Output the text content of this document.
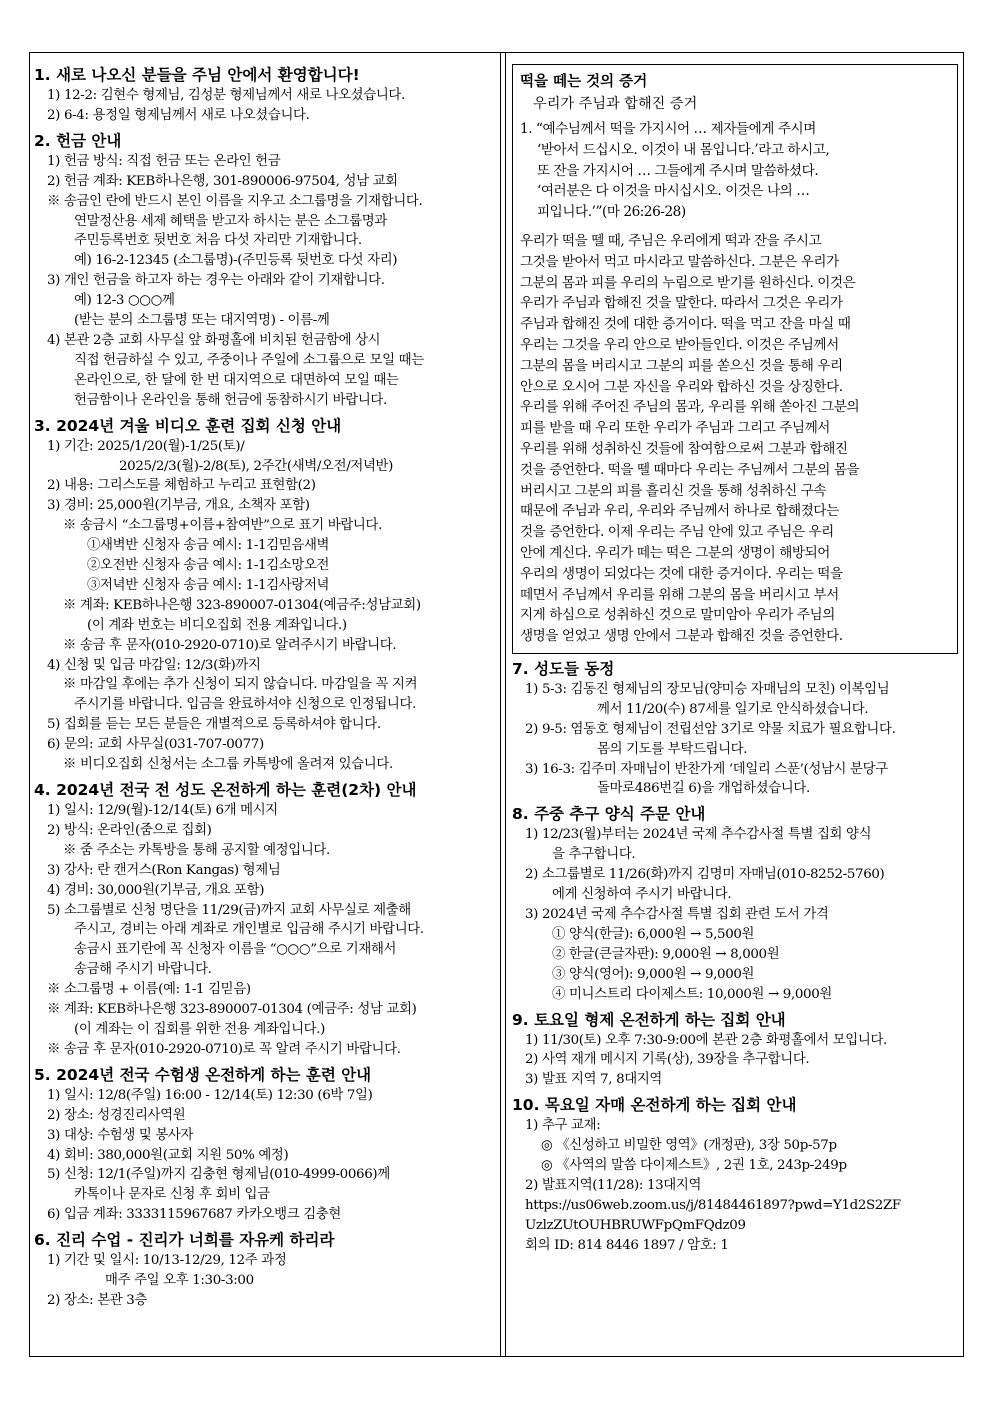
1. 새로 나오신 분들을 주님 안에서 환영합니다!
1) 12-2: 김현수 형제님, 김성분 형제님께서 새로 나오셨습니다.
2) 6-4: 용정일 형제님께서 새로 나오셨습니다.
2. 헌금 안내
1) 헌금 방식: 직접 헌금 또는 온라인 헌금
2) 헌금 계좌: KEB하나은행, 301-890006-97504, 성남 교회
※ 송금인 란에 반드시 본인 이름을 지우고 소그룹명을 기재합니다.
연말정산용 세제 혜택을 받고자 하시는 분은 소그룹명과
주민등록번호 뒷번호 처음 다섯 자리만 기재합니다.
예) 16-2-12345 (소그룹명)-(주민등록 뒷번호 다섯 자리)
3) 개인 헌금을 하고자 하는 경우는 아래와 같이 기재합니다.
예) 12-3 ○○○께
(받는 분의 소그룹명 또는 대지역명) - 이름-께
4) 본관 2층 교회 사무실 앞 화평홀에 비치된 헌금함에 상시
직접 헌금하실 수 있고, 주중이나 주일에 소그룹으로 모일 때는
온라인으로, 한 달에 한 번 대지역으로 대면하여 모일 때는
헌금함이나 온라인을 통해 헌금에 동참하시기 바랍니다.
3. 2024년 겨울 비디오 훈련 집회 신청 안내
1) 기간: 2025/1/20(월)-1/25(토)/
2025/2/3(월)-2/8(토), 2주간(새벽/오전/저녁반)
2) 내용: 그리스도를 체험하고 누리고 표현함(2)
3) 경비: 25,000원(기부금, 개요, 소책자 포함)
※ 송금시 “소그룹명+이름+참여반”으로 표기 바랍니다.
①새벽반 신청자 송금 예시: 1-1김믿음새벽
②오전반 신청자 송금 예시: 1-1김소망오전
③저녁반 신청자 송금 예시: 1-1김사랑저녁
※ 계좌: KEB하나은행 323-890007-01304(예금주:성남교회)
(이 계좌 번호는 비디오집회 전용 계좌입니다.)
※ 송금 후 문자(010-2920-0710)로 알려주시기 바랍니다.
4) 신청 및 입금 마감일: 12/3(화)까지
※ 마감일 후에는 추가 신청이 되지 않습니다. 마감일을 꼭 지켜
주시기를 바랍니다. 입금을 완료하셔야 신청으로 인정됩니다.
5) 집회를 듣는 모든 분들은 개별적으로 등록하셔야 합니다.
6) 문의: 교회 사무실(031-707-0077)
※ 비디오집회 신청서는 소그룹 카톡방에 올려져 있습니다.
4. 2024년 전국 전 성도 온전하게 하는 훈련(2차) 안내
1) 일시: 12/9(월)-12/14(토) 6개 메시지
2) 방식: 온라인(줌으로 집회)
※ 줌 주소는 카톡방을 통해 공지할 예정입니다.
3) 강사: 란 캔거스(Ron Kangas) 형제님
4) 경비: 30,000원(기부금, 개요 포함)
5) 소그룹별로 신청 명단을 11/29(금)까지 교회 사무실로 제출해
주시고, 경비는 아래 계좌로 개인별로 입금해 주시기 바랍니다.
송금시 표기란에 꼭 신청자 이름을 “○○○”으로 기재해서
송금해 주시기 바랍니다.
※ 소그룹명 + 이름(예: 1-1 김믿음)
※ 계좌: KEB하나은행 323-890007-01304 (예금주: 성남 교회)
(이 계좌는 이 집회를 위한 전용 계좌입니다.)
※ 송금 후 문자(010-2920-0710)로 꼭 알려 주시기 바랍니다.
5. 2024년 전국 수험생 온전하게 하는 훈련 안내
1) 일시: 12/8(주일) 16:00 - 12/14(토) 12:30 (6박 7일)
2) 장소: 성경진리사역원
3) 대상: 수험생 및 봉사자
4) 회비: 380,000원(교회 지원 50% 예정)
5) 신청: 12/1(주일)까지 김충현 형제님(010-4999-0066)께
카톡이나 문자로 신청 후 회비 입금
6) 입금 계좌: 3333115967687 카카오뱅크 김충현
6. 진리 수업 - 진리가 너희를 자유케 하리라
1) 기간 및 일시: 10/13-12/29, 12주 과정
매주 주일 오후 1:30-3:00
2) 장소: 본관 3층
떡을 떼는 것의 증거
우리가 주님과 합해진 증거
1. “예수님께서 떡을 가지시어 … 제자들에게 주시며
‘받아서 드십시오. 이것이 내 몸입니다.’라고 하시고,
또 잔을 가지시어 … 그들에게 주시며 말씀하셨다.
‘여러분은 다 이것을 마시십시오. 이것은 나의 …
피입니다.’”(마 26:26-28)
우리가 떡을 뗄 때, 주님은 우리에게 떡과 잔을 주시고
그것을 받아서 먹고 마시라고 말씀하신다. 그분은 우리가
그분의 몸과 피를 우리의 누림으로 받기를 원하신다. 이것은
우리가 주님과 합해진 것을 말한다. 따라서 그것은 우리가
주님과 합해진 것에 대한 증거이다. 떡을 먹고 잔을 마실 때
우리는 그것을 우리 안으로 받아들인다. 이것은 주님께서
그분의 몸을 버리시고 그분의 피를 쏟으신 것을 통해 우리
안으로 오시어 그분 자신을 우리와 합하신 것을 상징한다.
우리를 위해 주어진 주님의 몸과, 우리를 위해 쏟아진 그분의
피를 받을 때 우리 또한 우리가 주님과 그리고 주님께서
우리를 위해 성취하신 것들에 참여함으로써 그분과 합해진
것을 증언한다. 떡을 뗄 때마다 우리는 주님께서 그분의 몸을
버리시고 그분의 피를 흘리신 것을 통해 성취하신 구속
때문에 주님과 우리, 우리와 주님께서 하나로 합해졌다는
것을 증언한다. 이제 우리는 주님 안에 있고 주님은 우리
안에 계신다. 우리가 떼는 떡은 그분의 생명이 해방되어
우리의 생명이 되었다는 것에 대한 증거이다. 우리는 떡을
떼면서 주님께서 우리를 위해 그분의 몸을 버리시고 부서
지게 하심으로 성취하신 것으로 말미암아 우리가 주님의
생명을 얻었고 생명 안에서 그분과 합해진 것을 증언한다.
7. 성도들 동정
1) 5-3: 김동진 형제님의 장모님(양미승 자매님의 모친) 이복임님
께서 11/20(수) 87세를 일기로 안식하셨습니다.
2) 9-5: 염동호 형제님이 전립선암 3기로 약물 치료가 필요합니다.
몸의 기도를 부탁드립니다.
3) 16-3: 김주미 자매님이 반찬가게 ‘데일리 스푼’(성남시 분당구
돌마로486번길 6)을 개업하셨습니다.
8. 주중 추구 양식 주문 안내
1) 12/23(월)부터는 2024년 국제 추수감사절 특별 집회 양식
을 추구합니다.
2) 소그룹별로 11/26(화)까지 김명미 자매님(010-8252-5760)
에게 신청하여 주시기 바랍니다.
3) 2024년 국제 추수감사절 특별 집회 관련 도서 가격
① 양식(한글): 6,000원 → 5,500원
② 한글(큰글자판): 9,000원 → 8,000원
③ 양식(영어): 9,000원 → 9,000원
④ 미니스트리 다이제스트: 10,000원 → 9,000원
9. 토요일 형제 온전하게 하는 집회 안내
1) 11/30(토) 오후 7:30-9:00에 본관 2층 화평홀에서 모입니다.
2) 사역 재개 메시지 기록(상), 39장을 추구합니다.
3) 발표 지역 7, 8대지역
10. 목요일 자매 온전하게 하는 집회 안내
1) 추구 교재:
◎ 《신성하고 비밀한 영역》(개정판), 3장 50p-57p
◎ 《사역의 말씀 다이제스트》, 2권 1호, 243p-249p
2) 발표지역(11/28): 13대지역
https://us06web.zoom.us/j/81484461897?pwd=Y1d2S2ZF
UzlzZUtOUHBRUWFpQmFQdz09
회의 ID: 814 8446 1897 / 암호: 1
